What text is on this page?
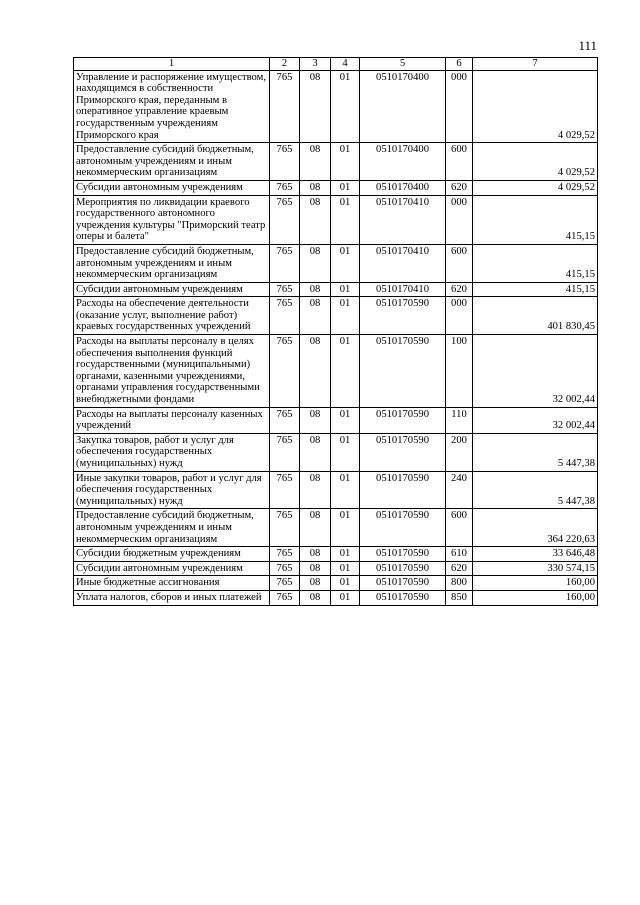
111
1	2	3	4	5	6	7
Управление и распоряжение имуществом, находящимся в собственности Приморского края, переданным в оперативное управление краевым государственным учреждениям Приморского края	765	08	01	0510170400	000	4 029,52
Предоставление субсидий бюджетным, автономным учреждениям и иным некоммерческим организациям	765	08	01	0510170400	600	4 029,52
Субсидии автономным учреждениям	765	08	01	0510170400	620	4 029,52
Мероприятия по ликвидации краевого государственного автономного учреждения культуры "Приморский театр оперы и балета"	765	08	01	0510170410	000	415,15
Предоставление субсидий бюджетным, автономным учреждениям и иным некоммерческим организациям	765	08	01	0510170410	600	415,15
Субсидии автономным учреждениям	765	08	01	0510170410	620	415,15
Расходы на обеспечение деятельности (оказание услуг, выполнение работ) краевых государственных учреждений	765	08	01	0510170590	000	401 830,45
Расходы на выплаты персоналу в целях обеспечения выполнения функций государственными (муниципальными) органами, казенными учреждениями, органами управления государственными внебюджетными фондами	765	08	01	0510170590	100	32 002,44
Расходы на выплаты персоналу казенных учреждений	765	08	01	0510170590	110	32 002,44
Закупка товаров, работ и услуг для обеспечения государственных (муниципальных) нужд	765	08	01	0510170590	200	5 447,38
Иные закупки товаров, работ и услуг для обеспечения государственных (муниципальных) нужд	765	08	01	0510170590	240	5 447,38
Предоставление субсидий бюджетным, автономным учреждениям и иным некоммерческим организациям	765	08	01	0510170590	600	364 220,63
Субсидии бюджетным учреждениям	765	08	01	0510170590	610	33 646,48
Субсидии автономным учреждениям	765	08	01	0510170590	620	330 574,15
Иные бюджетные ассигнования	765	08	01	0510170590	800	160,00
Уплата налогов, сборов и иных платежей	765	08	01	0510170590	850	160,00
